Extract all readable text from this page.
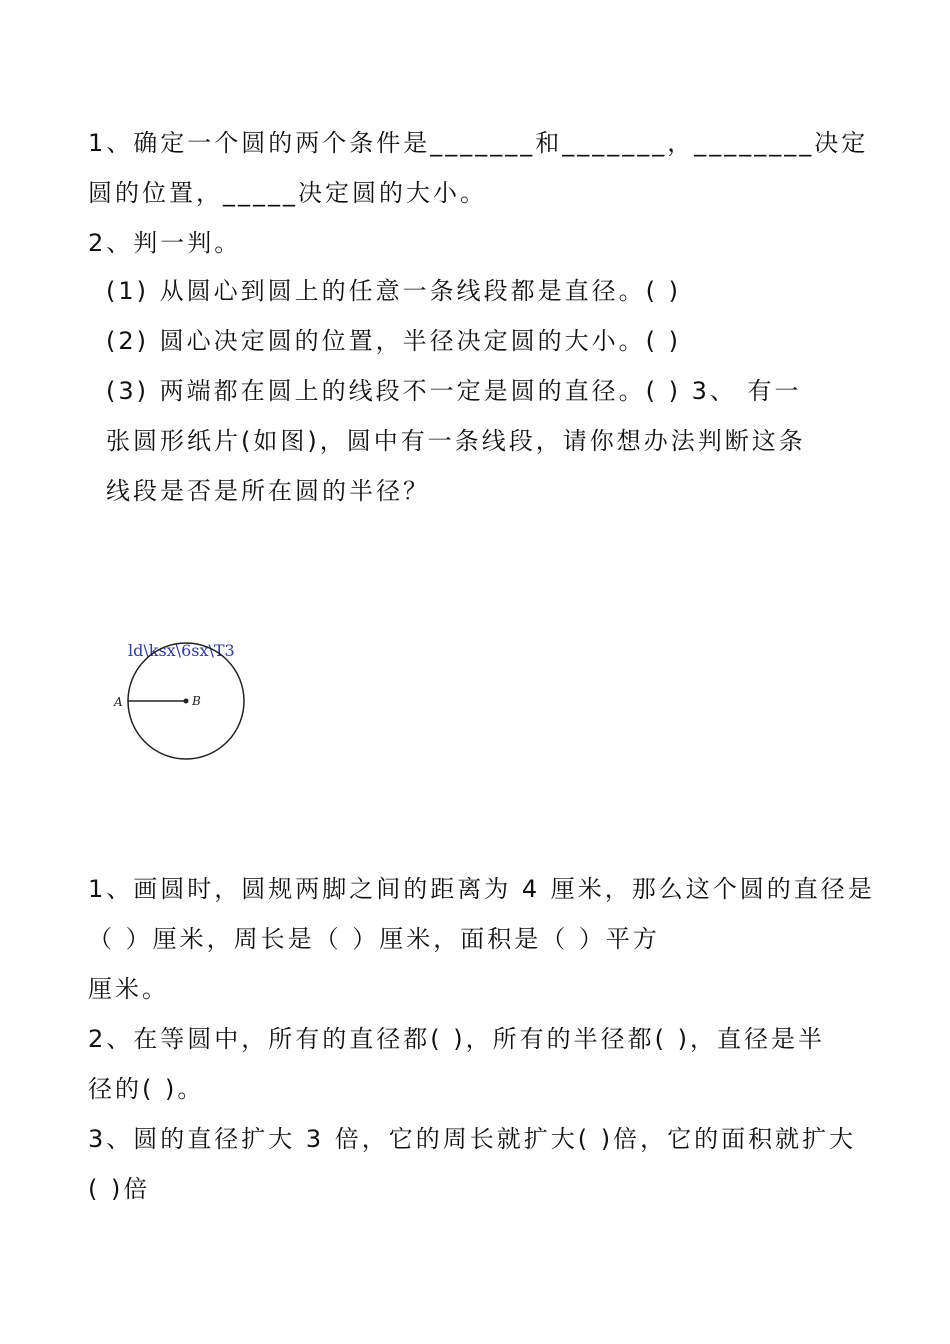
1、确定一个圆的两个条件是_______和_______，________决定
圆的位置，_____决定圆的大小。
2、判一判。
(1) 从圆心到圆上的任意一条线段都是直径。( )
(2) 圆心决定圆的位置，半径决定圆的大小。( )
(3) 两端都在圆上的线段不一定是圆的直径。( ) 3、 有一
张圆形纸片(如图)，圆中有一条线段，请你想办法判断这条
线段是否是所在圆的半径？
ld\ksx\6sx\T3
A	B
1、画圆时，圆规两脚之间的距离为 4 厘米，那么这个圆的直径是
（ ）厘米，周长是（ ）厘米，面积是（ ）平方
厘米。
2、在等圆中，所有的直径都( )，所有的半径都( )，直径是半
径的( )。
3、圆的直径扩大 3 倍，它的周长就扩大( )倍，它的面积就扩大
( )倍
